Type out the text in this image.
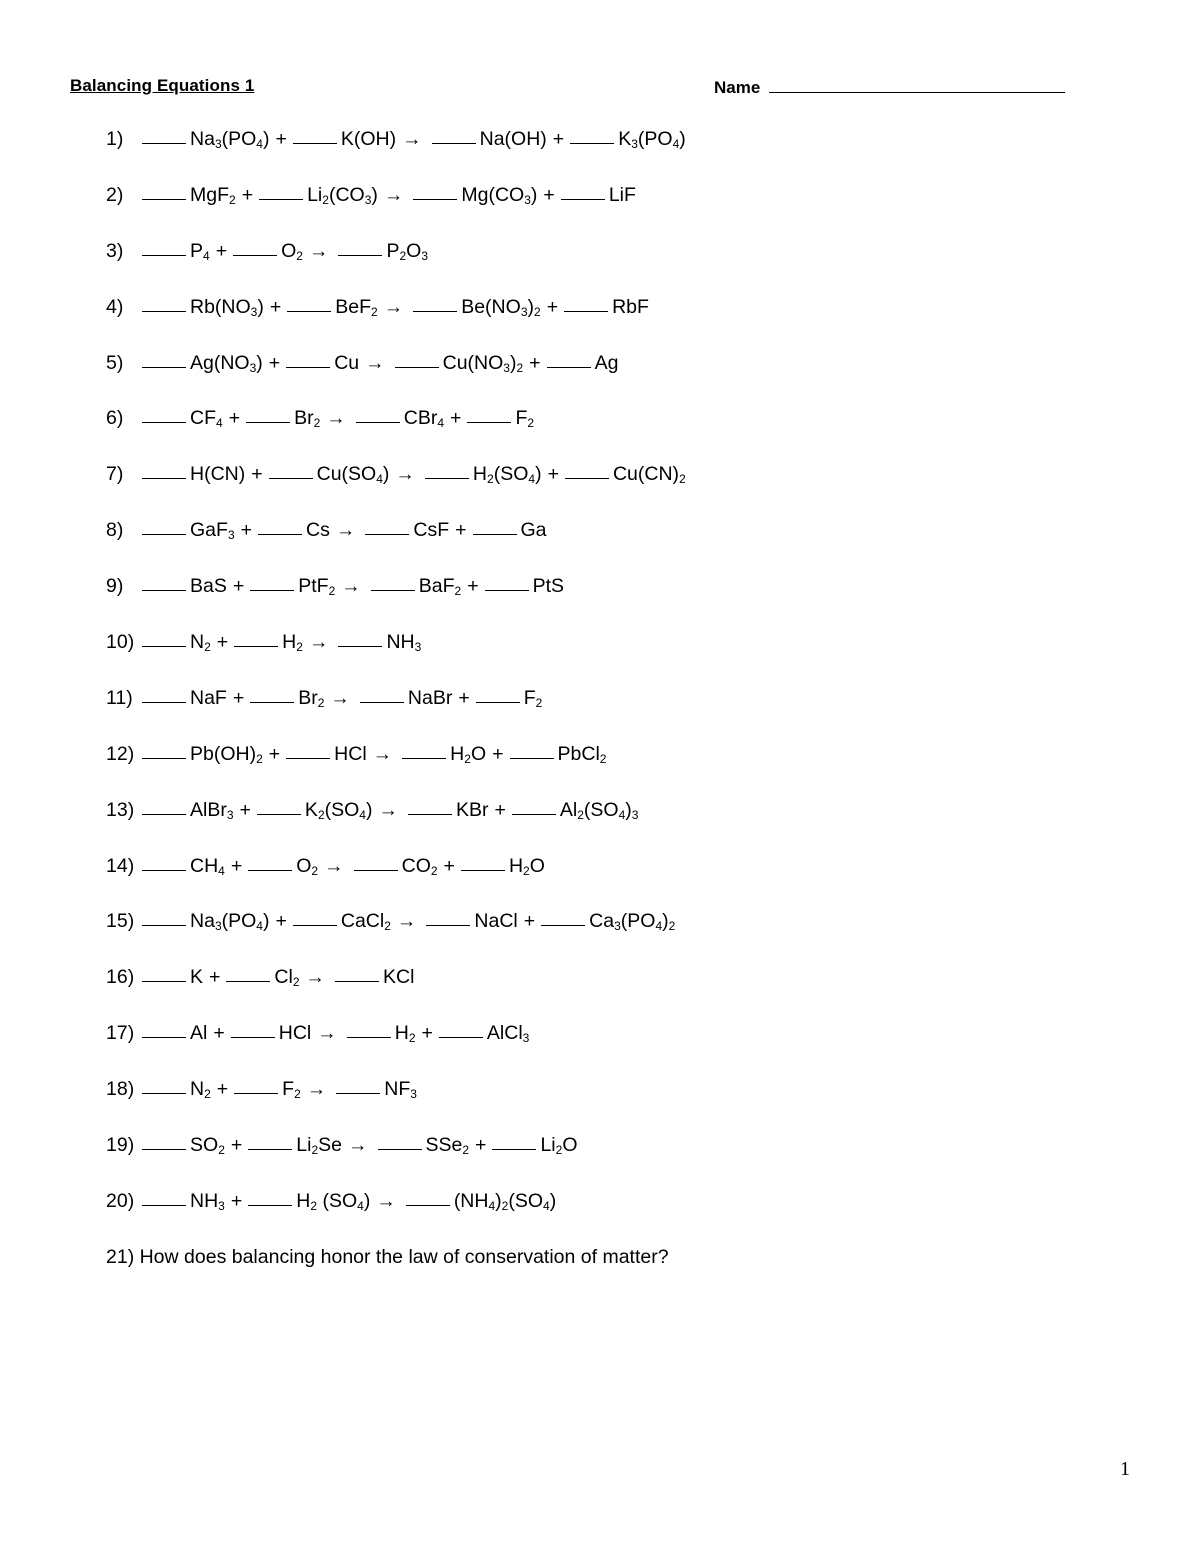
Balancing Equations 1	Name
1)	$Na_3(PO_4)$ +	K(OH) →	Na(OH) +	$K_3(PO_4)$
2)	MgF$_2$ +	$Li_2(CO_3)$ →	$Mg(CO_3)$ +	LiF
3)	$P_4$ +	$O_2$ →	$P_2O_3$
4)	$Rb(NO_3)$ +	BeF$_2$ →	$Be(NO_3)_2$ +	RbF
5)	$Ag(NO_3)$ +	Cu →	$Cu(NO_3)_2$ +	Ag
6)	$CF_4$ +	$Br_2$ →	CBr$_4$ +	$F_2$
7)	H(CN) +	$Cu(SO_4)$ →	$H_2(SO_4)$ +	$Cu(CN)_2$
8)	GaF$_3$ +	Cs →	CsF +	Ga
9)	BaS +	PtF$_2$ →	BaF$_2$ +	PtS
10)	$N_2$ +	$H_2$ →	$NH_3$
11)	NaF +	$Br_2$ →	NaBr +	$F_2$
12)	$Pb(OH)_2$ +	HCl →	$H_2O$ +	PbCl$_2$
13)	AlBr$_3$ +	$K_2(SO_4)$ →	KBr +	$Al_2(SO_4)_3$
14)	$CH_4$ +	$O_2$ →	$CO_2$ +	$H_2O$
15)	$Na_3(PO_4)$ +	CaCl$_2$ →	NaCl +	$Ca_3(PO_4)_2$
16)	K +	$Cl_2$ →	KCl
17)	Al +	HCl →	$H_2$ +	AlCl$_3$
18)	$N_2$ +	$F_2$ →	$NF_3$
19)	$SO_2$ +	$Li_2Se$ →	SSe$_2$ +	$Li_2O$
20)	$NH_3$ +	$H_2$ $(SO_4)$ →	$(NH_4)_2(SO_4)$
21) How does balancing honor the law of conservation of matter?
1
